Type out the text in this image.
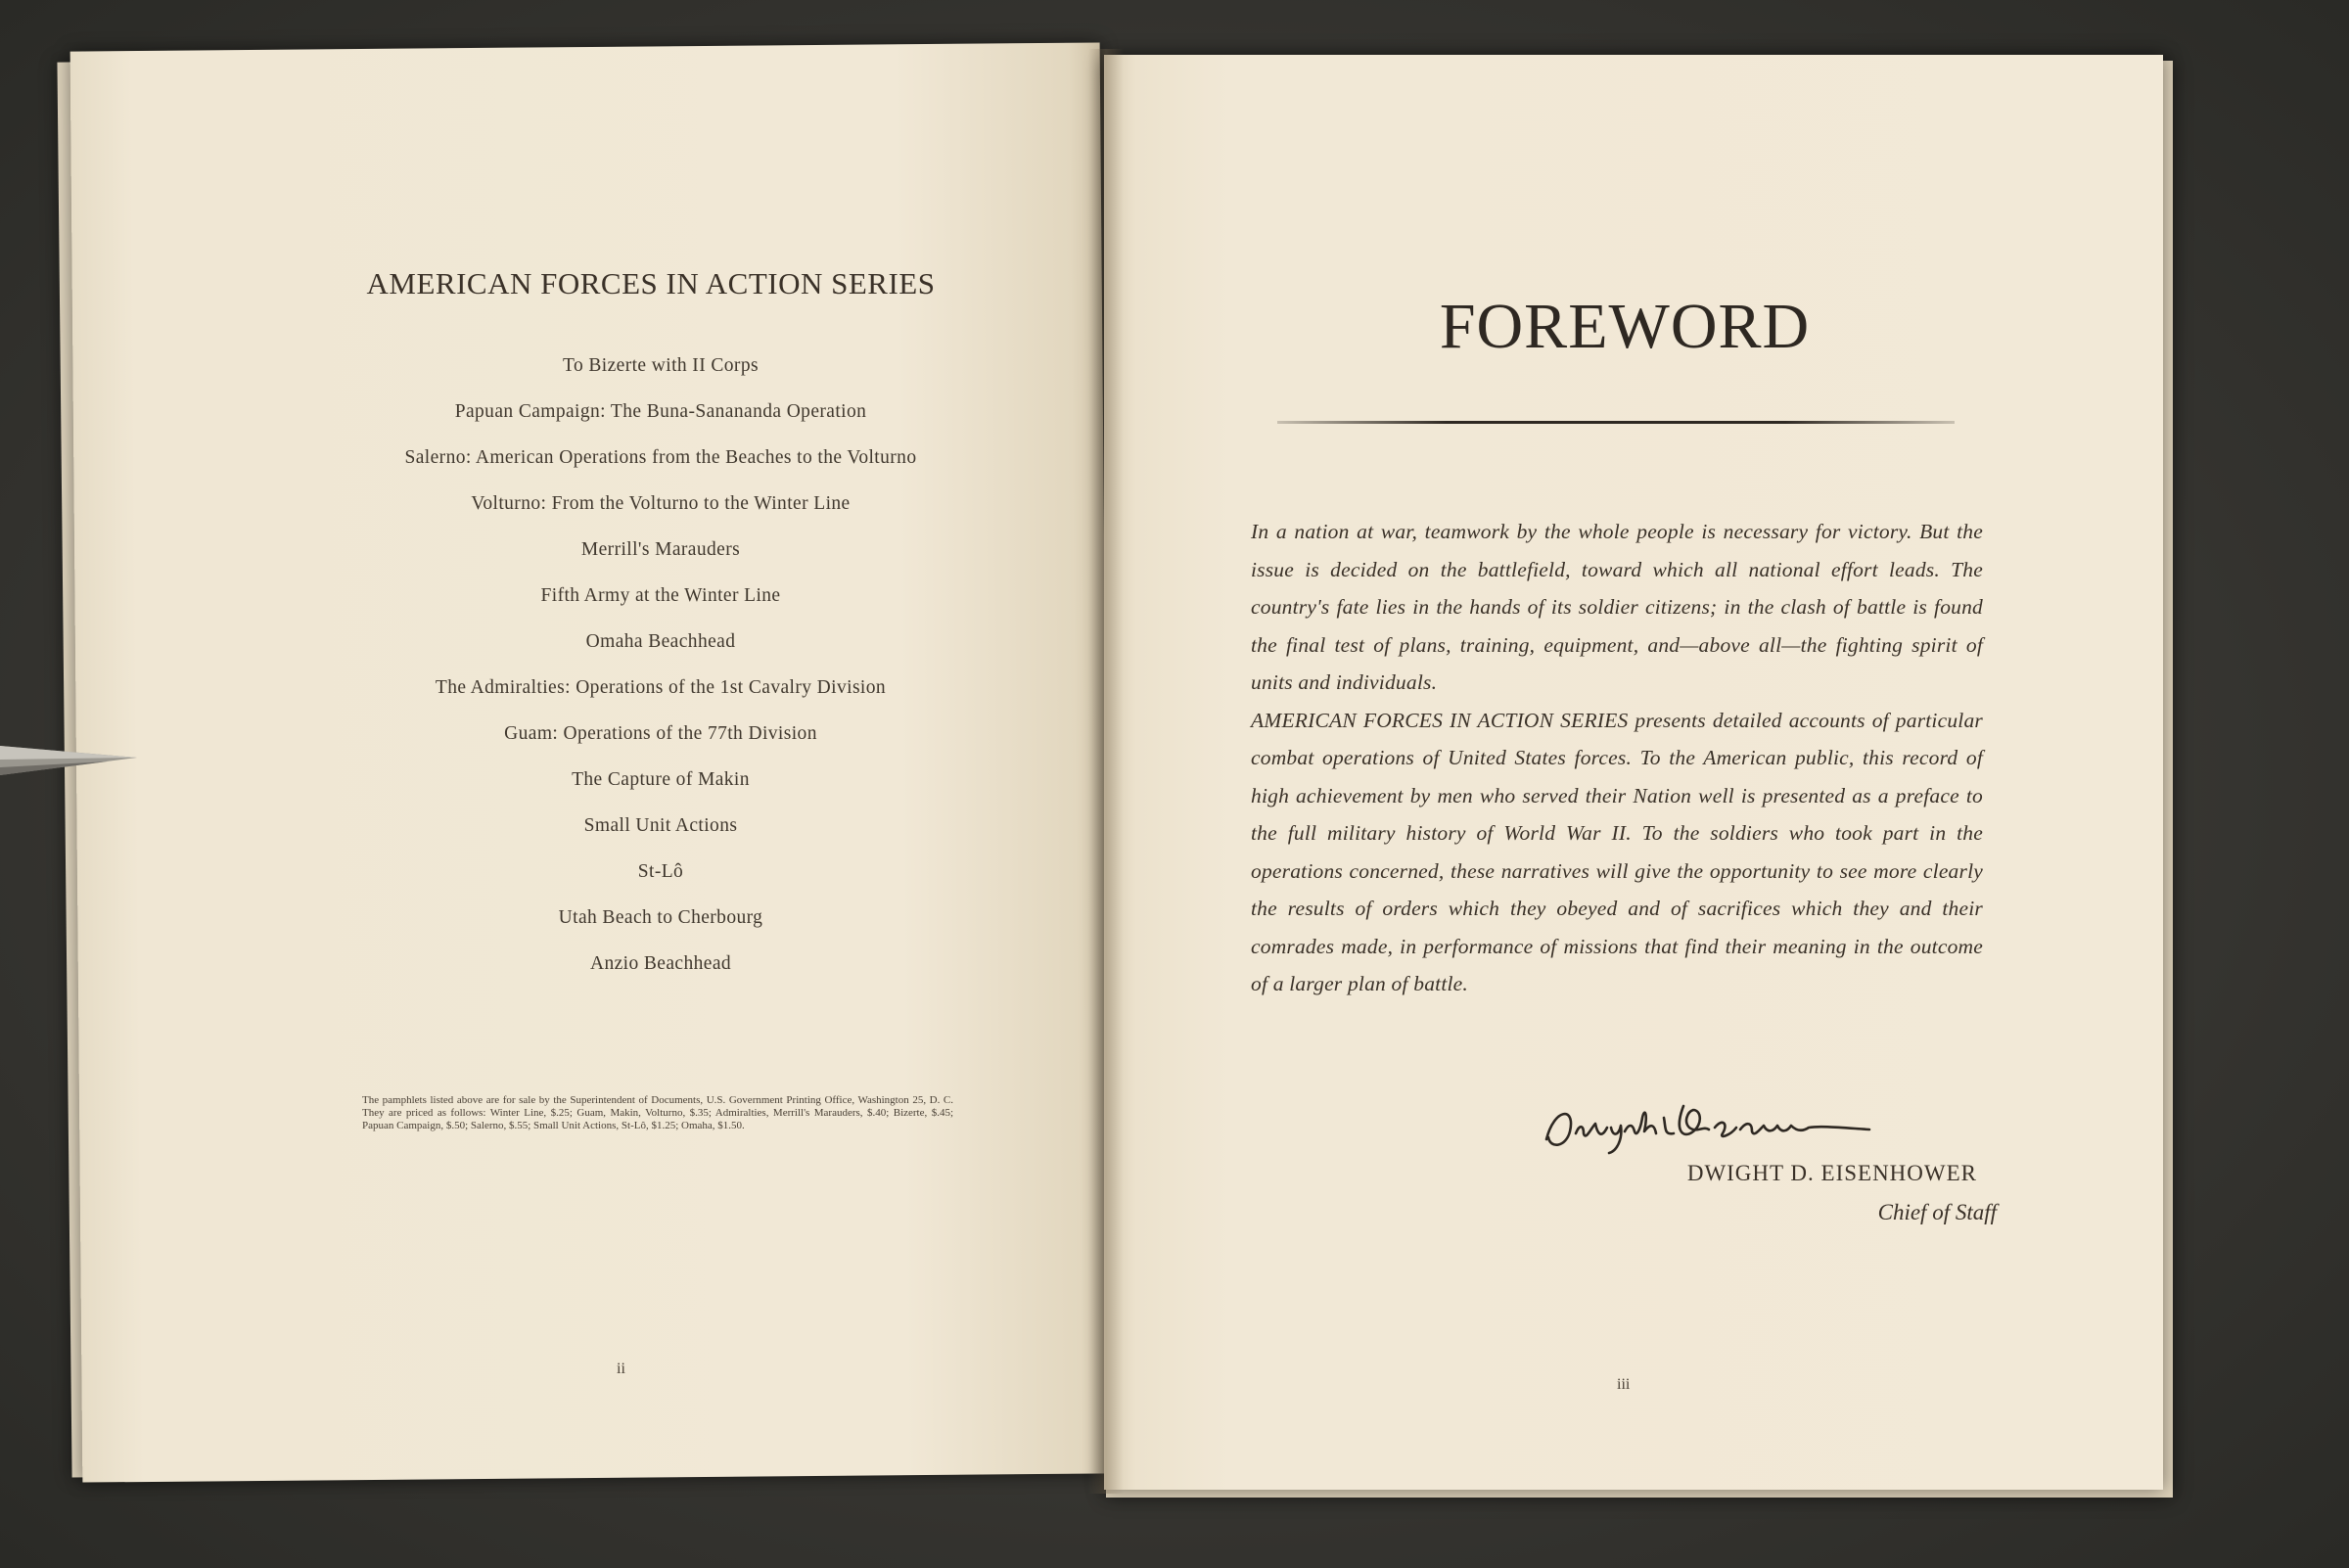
AMERICAN FORCES IN ACTION SERIES
To Bizerte with II Corps
Papuan Campaign: The Buna-Sanananda Operation
Salerno: American Operations from the Beaches to the Volturno
Volturno: From the Volturno to the Winter Line
Merrill's Marauders
Fifth Army at the Winter Line
Omaha Beachhead
The Admiralties: Operations of the 1st Cavalry Division
Guam: Operations of the 77th Division
The Capture of Makin
Small Unit Actions
St-Lô
Utah Beach to Cherbourg
Anzio Beachhead
The pamphlets listed above are for sale by the Superintendent of Documents, U.S. Government Printing Office, Washington 25, D. C. They are priced as follows: Winter Line, $.25; Guam, Makin, Volturno, $.35; Admiralties, Merrill's Marauders, $.40; Bizerte, $.45; Papuan Campaign, $.50; Salerno, $.55; Small Unit Actions, St-Lô, $1.25; Omaha, $1.50.
ii
FOREWORD

In a nation at war, teamwork by the whole people is necessary for victory. But the issue is decided on the battlefield, toward which all national effort leads. The country's fate lies in the hands of its soldier citizens; in the clash of battle is found the final test of plans, training, equipment, and—above all—the fighting spirit of units and individuals.

AMERICAN FORCES IN ACTION SERIES presents detailed accounts of particular combat operations of United States forces. To the American public, this record of high achievement by men who served their Nation well is presented as a preface to the full military history of World War II. To the soldiers who took part in the operations concerned, these narratives will give the opportunity to see more clearly the results of orders which they obeyed and of sacrifices which they and their comrades made, in performance of missions that find their meaning in the outcome of a larger plan of battle.

DWIGHT D. EISENHOWER
Chief of Staff
iii
